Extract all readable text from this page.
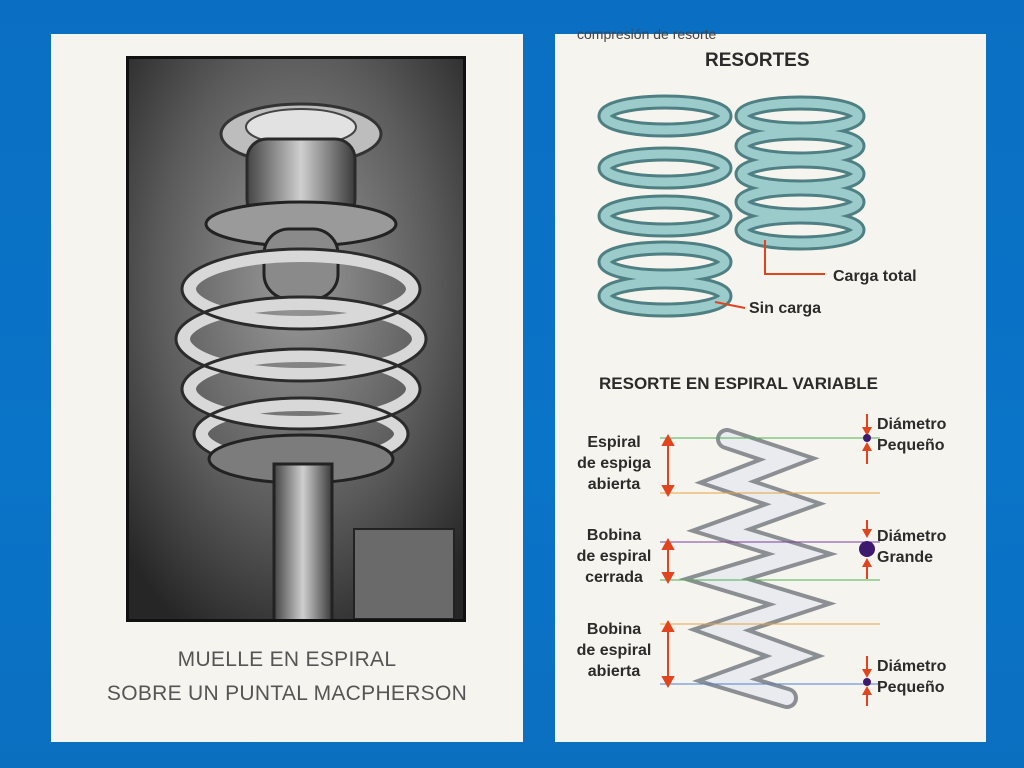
MUELLE EN ESPIRAL
SOBRE UN PUNTAL MACPHERSON
compresión de resorte
RESORTES
Carga total
Sin carga
RESORTE EN ESPIRAL VARIABLE
Espiral
de espiga
abierta
Bobina
de espiral
cerrada
Bobina
de espiral
abierta
Diámetro
Pequeño
Diámetro
Grande
Diámetro
Pequeño
